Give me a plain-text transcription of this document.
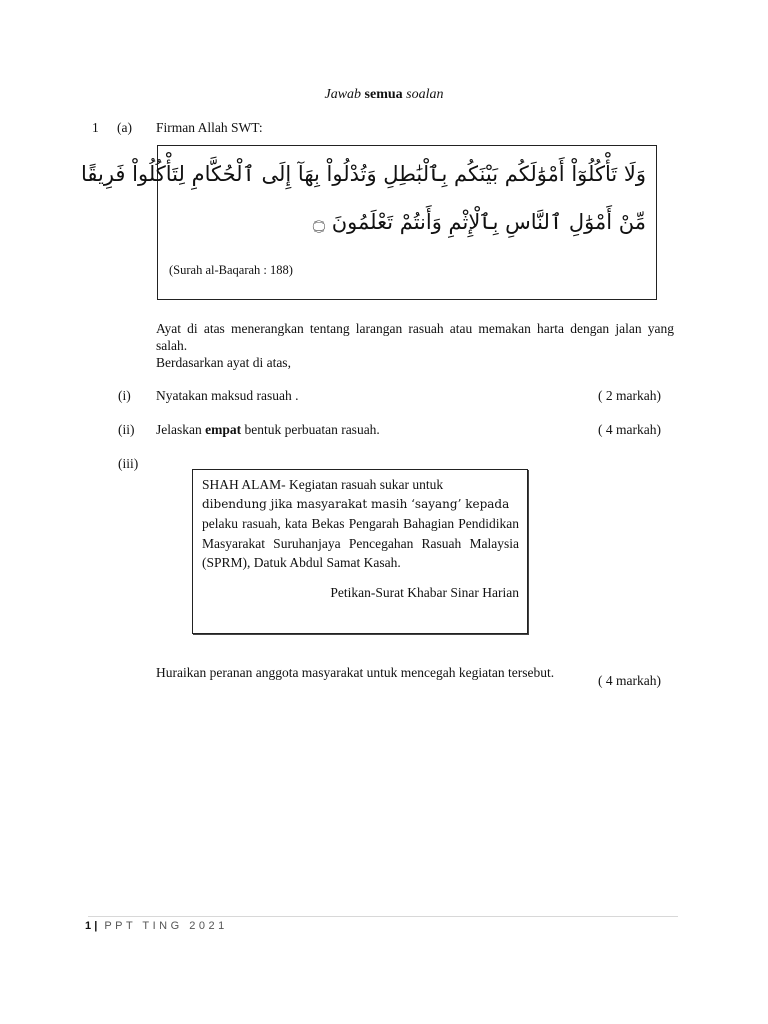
Jawab semua soalan
1 (a) Firman Allah SWT:
وَلَا تَأْكُلُوٓاْ أَمْوَٰلَكُم بَيْنَكُم بِٱلْبَٰطِلِ وَتُدْلُواْ بِهَآ إِلَى ٱلْحُكَّامِ لِتَأْكُلُواْ فَرِيقًا
مِّنْ أَمْوَٰلِ ٱلنَّاسِ بِٱلْإِثْمِ وَأَنتُمْ تَعْلَمُونَ ۝
(Surah al-Baqarah : 188)
Ayat di atas menerangkan tentang larangan rasuah atau memakan harta dengan jalan yang salah.
Berdasarkan ayat di atas,
(i) Nyatakan maksud rasuah .	( 2 markah)
(ii) Jelaskan empat bentuk perbuatan rasuah.	( 4 markah)
(iii)

SHAH ALAM- Kegiatan rasuah sukar untuk

dibendung jika masyarakat masih ‘sayang’ kepada

pelaku rasuah, kata Bekas Pengarah Bahagian Pendidikan Masyarakat Suruhanjaya Pencegahan Rasuah Malaysia (SPRM), Datuk Abdul Samat Kasah.

Petikan-Surat Khabar Sinar Harian

Huraikan peranan anggota masyarakat untuk mencegah kegiatan tersebut.
( 4 markah)
1 | PPT TING 2021
